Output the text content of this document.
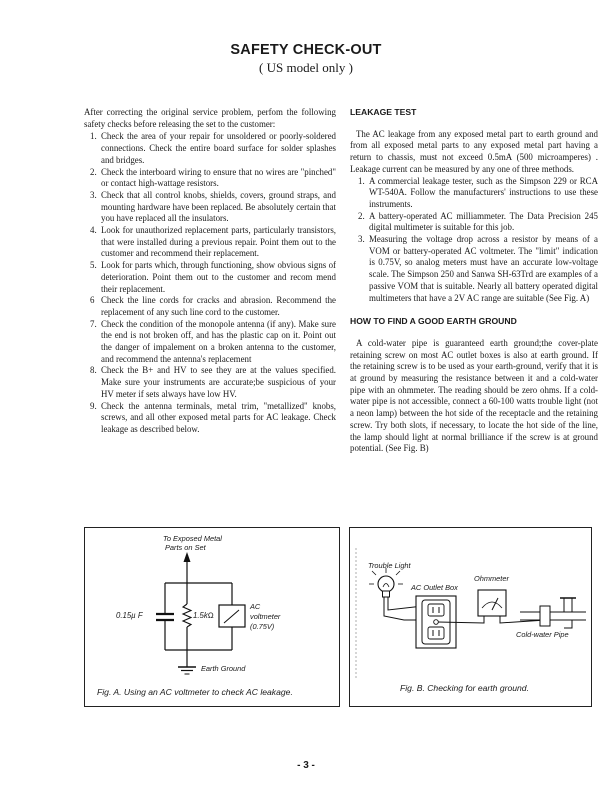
SAFETY CHECK-OUT
( US model only )

After correcting the original service problem, perfom the following safety checks before releasing the set to the customer:

1. Check the area of your repair for unsoldered or poorly-soldered connections. Check the entire board surface for solder splashes and bridges.
2. Check the interboard wiring to ensure that no wires are "pinched" or contact high-wattage resistors.
3. Check that all control knobs, shields, covers, ground straps, and mounting hardware have been replaced. Be absolutely certain that you have replaced all the insulators.
4. Look for unauthorized replacement parts, particularly transistors, that were installed during a previous repair. Point them out to the customer and recommend their replacement.
5. Look for parts which, through functioning, show obvious signs of deterioration. Point them out to the customer and recom mend their replacement.
6 Check the line cords for cracks and abrasion. Recommend the replacement of any such line cord to the customer.
7. Check the condition of the monopole antenna (if any). Make sure the end is not broken off, and has the plastic cap on it. Point out the danger of impalement on a broken antenna to the customer, and recommend the antenna's replacement
8. Check the B+ and HV to see they are at the values specified. Make sure your instruments are accurate;be suspicious of your HV meter if sets always have low HV.
9. Check the antenna terminals, metal trim, "metallized" knobs, screws, and all other exposed metal parts for AC leakage. Check leakage as described below.
LEAKAGE TEST

The AC leakage from any exposed metal part to earth ground and from all exposed metal parts to any exposed metal part having a return to chassis, must not exceed 0.5mA (500 microamperes) . Leakage current can be measured by any one of three methods.

1. A commercial leakage tester, such as the Simpson 229 or RCA WT-540A. Follow the manufacturers' instructions to use these instruments.
2. A battery-operated AC milliammeter. The Data Precision 245 digital multimeter is suitable for this job.
3. Measuring the voltage drop across a resistor by means of a VOM or battery-operated AC voltmeter. The "limit" indication is 0.75V, so analog meters must have an accurate low-voltage scale. The Simpson 250 and Sanwa SH-63Trd are examples of a passive VOM that is suitable. Nearly all battery operated digital multimeters that have a 2V AC range are suitable (See Fig. A)
HOW TO FIND A GOOD EARTH GROUND

A cold-water pipe is guaranteed earth ground;the cover-plate retaining screw on most AC outlet boxes is also at earth ground. If the retaining screw is to be used as your earth-ground, verify that it is at ground by measuring the resistance between it and a cold-water pipe with an ohmmeter. The reading should be zero ohms. If a cold-water pipe is not accessible, connect a 60-100 watts trouble light (not a neon lamp) between the hot side of the receptacle and the retaining screw. Try both slots, if necessary, to locate the hot side of the line, the lamp should light at normal brilliance if the screw is at ground potential. (See Fig. B)

To Exposed Metal
Parts on Set
0.15µ F	1.5kΩ
AC
voltmeter
(0.75V)
Earth Ground
Fig. A. Using an AC voltmeter to check AC leakage.
Trouble Light
Ohmmeter
AC Outlet Box
Cold-water Pipe
Fig. B. Checking for earth ground.
- 3 -
